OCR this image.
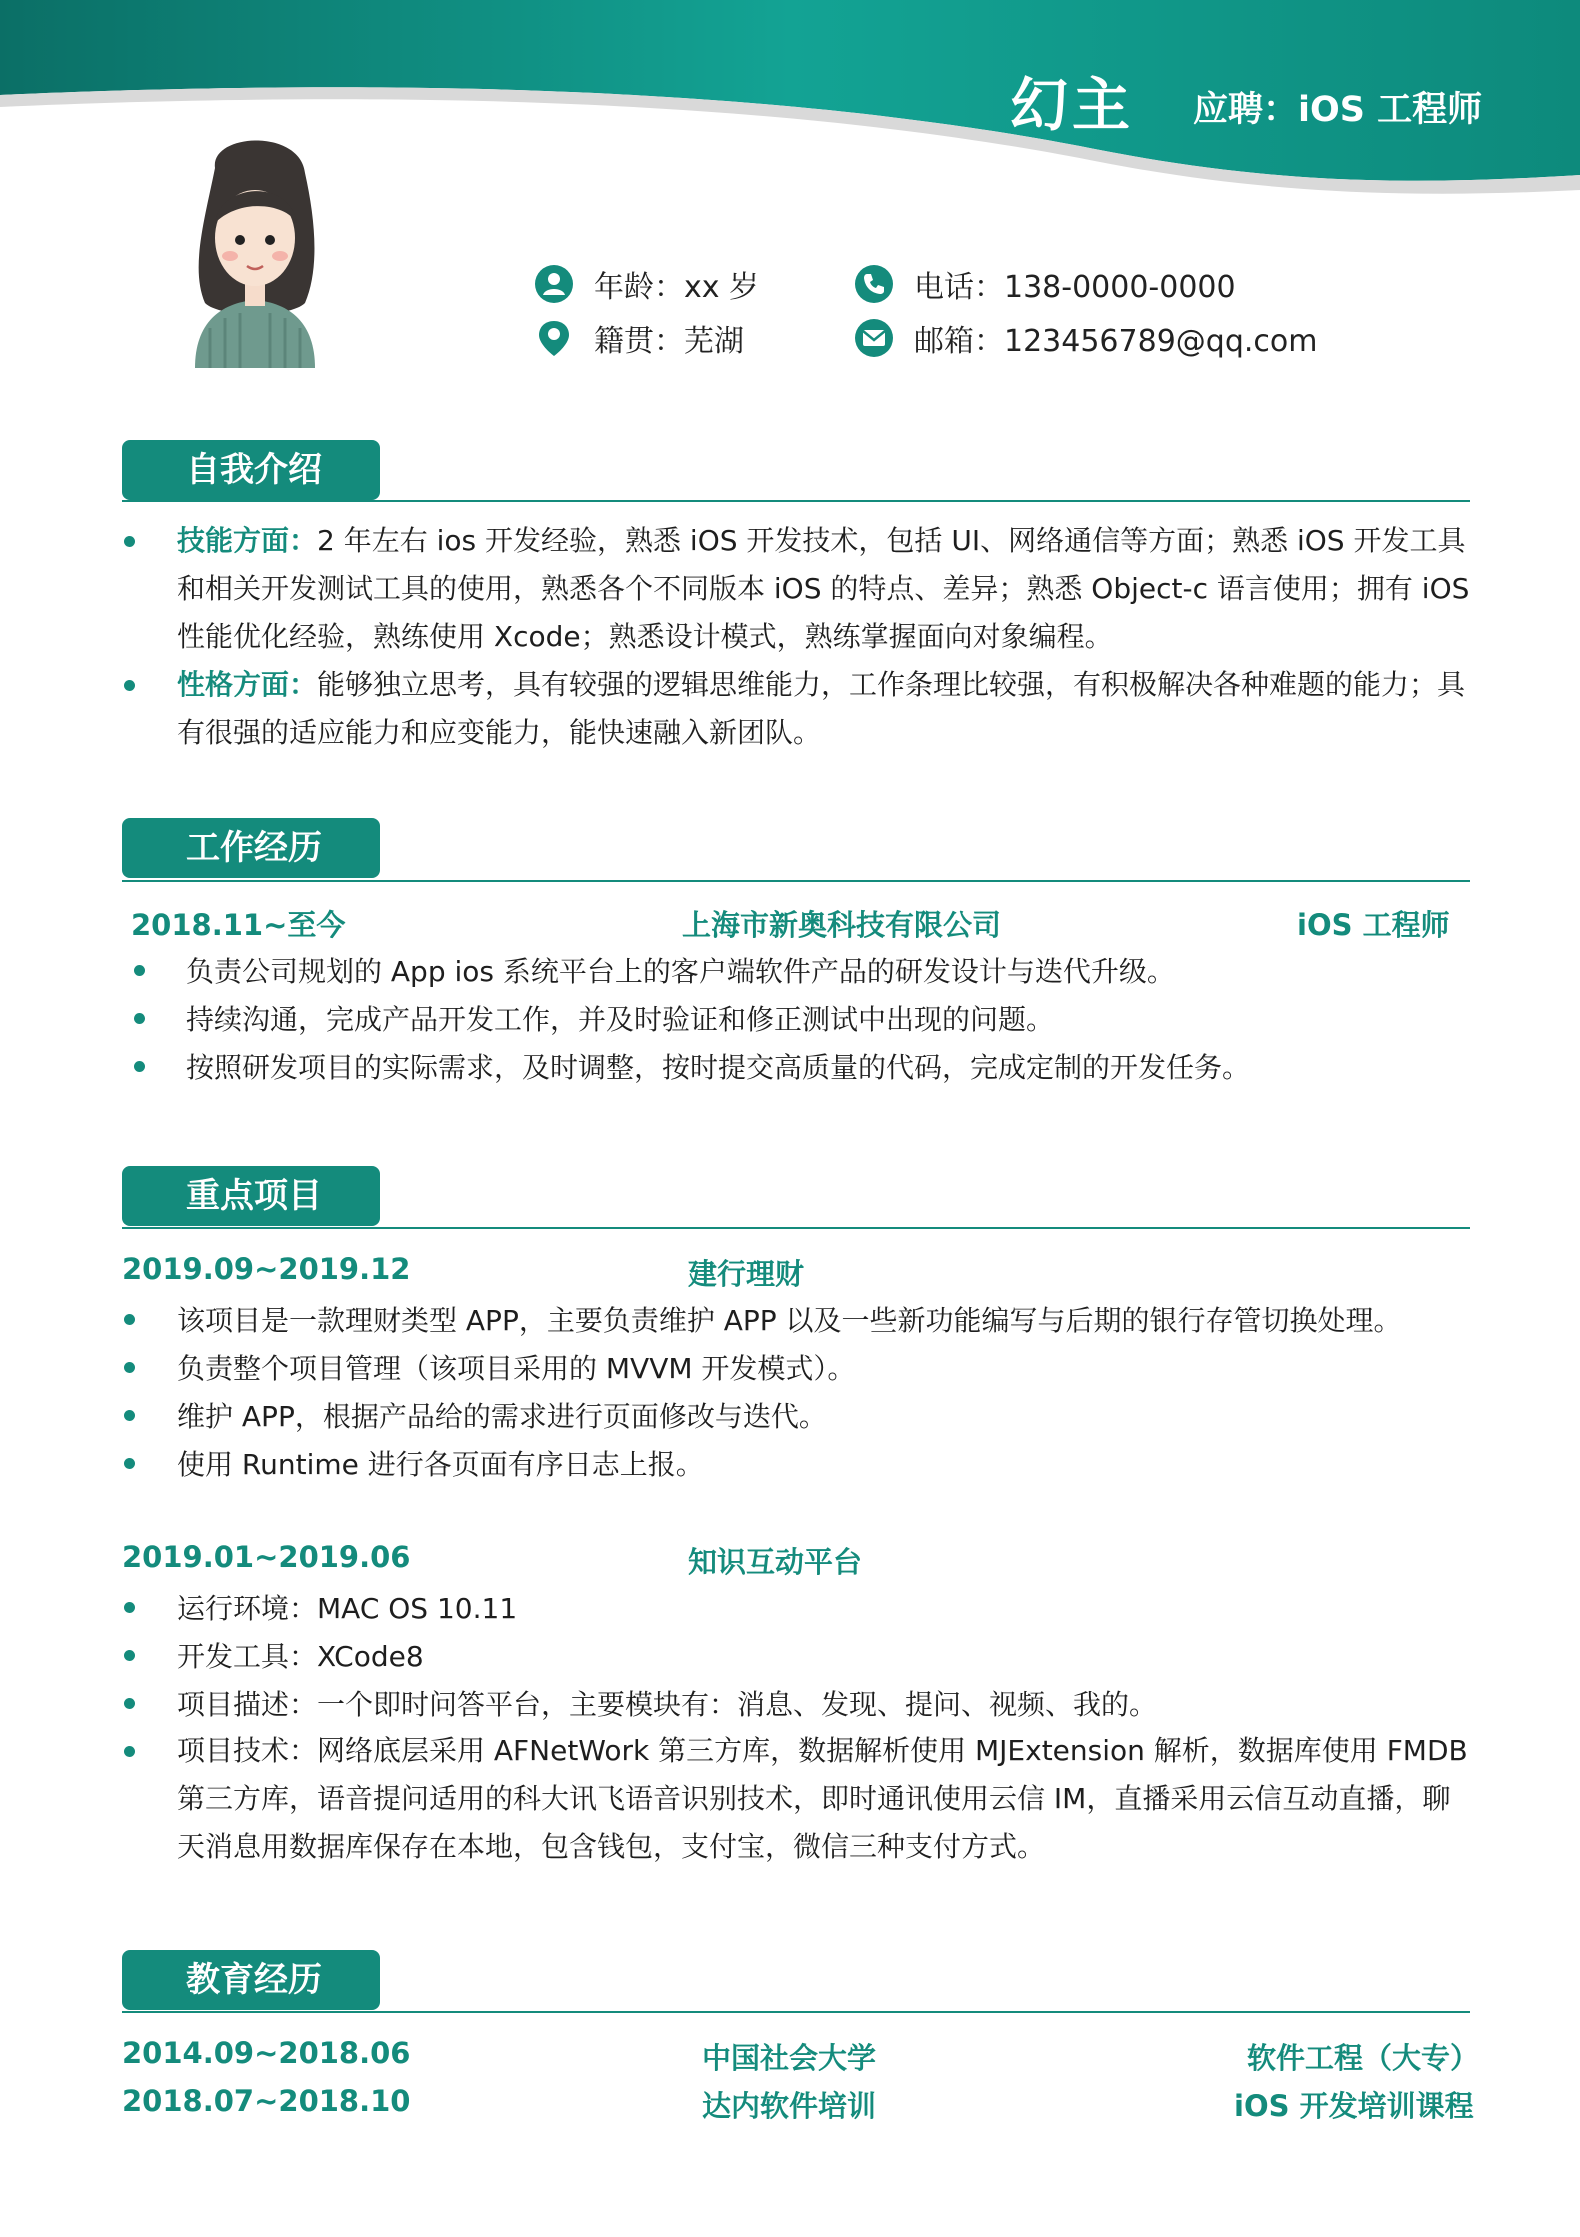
幻主 应聘：iOS 工程师
年龄：xx 岁
籍贯：芜湖
电话：138-0000-0000
邮箱：123456789@qq.com
自我介绍
技能方面：2 年左右 ios 开发经验，熟悉 iOS 开发技术，包括 UI、网络通信等方面；熟悉 iOS 开发工具
和相关开发测试工具的使用，熟悉各个不同版本 iOS 的特点、差异；熟悉 Object-c 语言使用；拥有 iOS
性能优化经验，熟练使用 Xcode；熟悉设计模式，熟练掌握面向对象编程。
性格方面：能够独立思考，具有较强的逻辑思维能力，工作条理比较强，有积极解决各种难题的能力；具
有很强的适应能力和应变能力，能快速融入新团队。
工作经历
2018.11~至今	上海市新奥科技有限公司	iOS 工程师
负责公司规划的 App ios 系统平台上的客户端软件产品的研发设计与迭代升级。
持续沟通，完成产品开发工作，并及时验证和修正测试中出现的问题。
按照研发项目的实际需求，及时调整，按时提交高质量的代码，完成定制的开发任务。
重点项目
2019.09~2019.12	建行理财
该项目是一款理财类型 APP，主要负责维护 APP 以及一些新功能编写与后期的银行存管切换处理。
负责整个项目管理（该项目采用的 MVVM 开发模式）。
维护 APP，根据产品给的需求进行页面修改与迭代。
使用 Runtime 进行各页面有序日志上报。
2019.01~2019.06	知识互动平台
运行环境：MAC OS 10.11
开发工具：XCode8
项目描述：一个即时问答平台，主要模块有：消息、发现、提问、视频、我的。
项目技术：网络底层采用 AFNetWork 第三方库，数据解析使用 MJExtension 解析，数据库使用 FMDB
第三方库，语音提问适用的科大讯飞语音识别技术，即时通讯使用云信 IM，直播采用云信互动直播，聊
天消息用数据库保存在本地，包含钱包，支付宝，微信三种支付方式。
教育经历
2014.09~2018.06	中国社会大学	软件工程（大专）
2018.07~2018.10	达内软件培训	iOS 开发培训课程
